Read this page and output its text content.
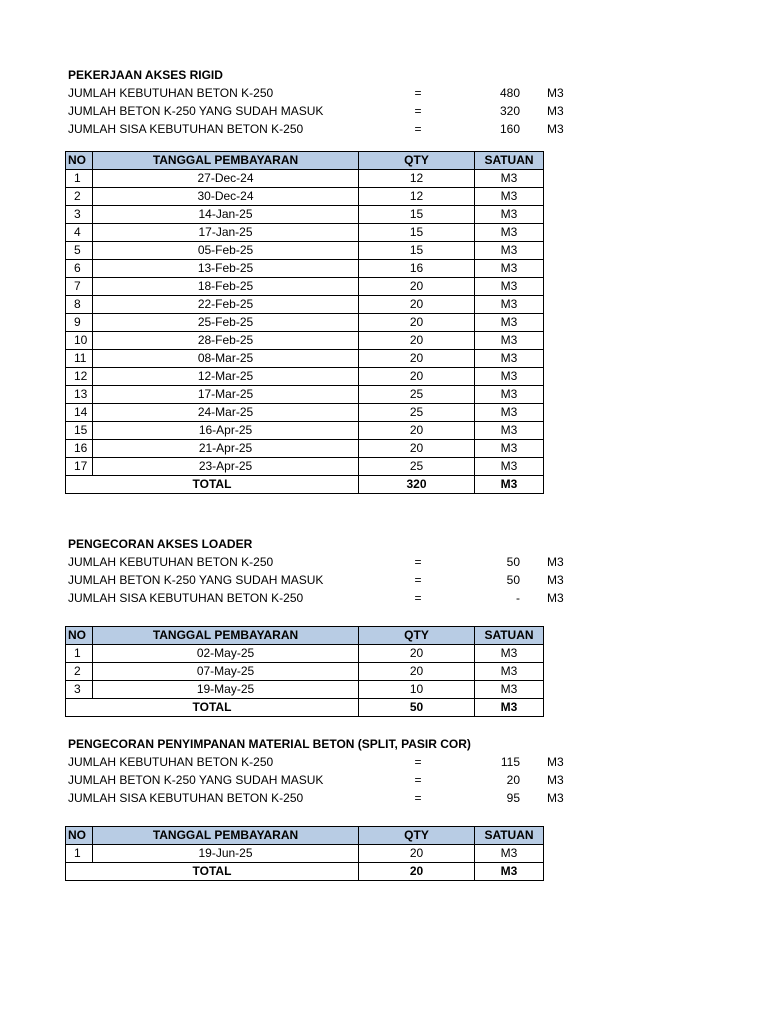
PEKERJAAN AKSES RIGID
JUMLAH KEBUTUHAN BETON K-250	=	480 M3
JUMLAH BETON K-250 YANG SUDAH MASUK	=	320 M3
JUMLAH SISA KEBUTUHAN BETON K-250	=	160 M3
NO	TANGGAL PEMBAYARAN	QTY	SATUAN
1	27-Dec-24	12	M3
2	30-Dec-24	12	M3
3	14-Jan-25	15	M3
4	17-Jan-25	15	M3
5	05-Feb-25	15	M3
6	13-Feb-25	16	M3
7	18-Feb-25	20	M3
8	22-Feb-25	20	M3
9	25-Feb-25	20	M3
10	28-Feb-25	20	M3
11	08-Mar-25	20	M3
12	12-Mar-25	20	M3
13	17-Mar-25	25	M3
14	24-Mar-25	25	M3
15	16-Apr-25	20	M3
16	21-Apr-25	20	M3
17	23-Apr-25	25	M3
TOTAL		320	M3
PENGECORAN AKSES LOADER
JUMLAH KEBUTUHAN BETON K-250	=	50 M3
JUMLAH BETON K-250 YANG SUDAH MASUK	=	50 M3
JUMLAH SISA KEBUTUHAN BETON K-250	=	- M3
NO	TANGGAL PEMBAYARAN	QTY	SATUAN
1	02-May-25	20	M3
2	07-May-25	20	M3
3	19-May-25	10	M3
TOTAL		50	M3
PENGECORAN PENYIMPANAN MATERIAL BETON (SPLIT, PASIR COR)
JUMLAH KEBUTUHAN BETON K-250	=	115 M3
JUMLAH BETON K-250 YANG SUDAH MASUK	=	20 M3
JUMLAH SISA KEBUTUHAN BETON K-250	=	95 M3
NO	TANGGAL PEMBAYARAN	QTY	SATUAN
1	19-Jun-25	20	M3
TOTAL		20	M3
